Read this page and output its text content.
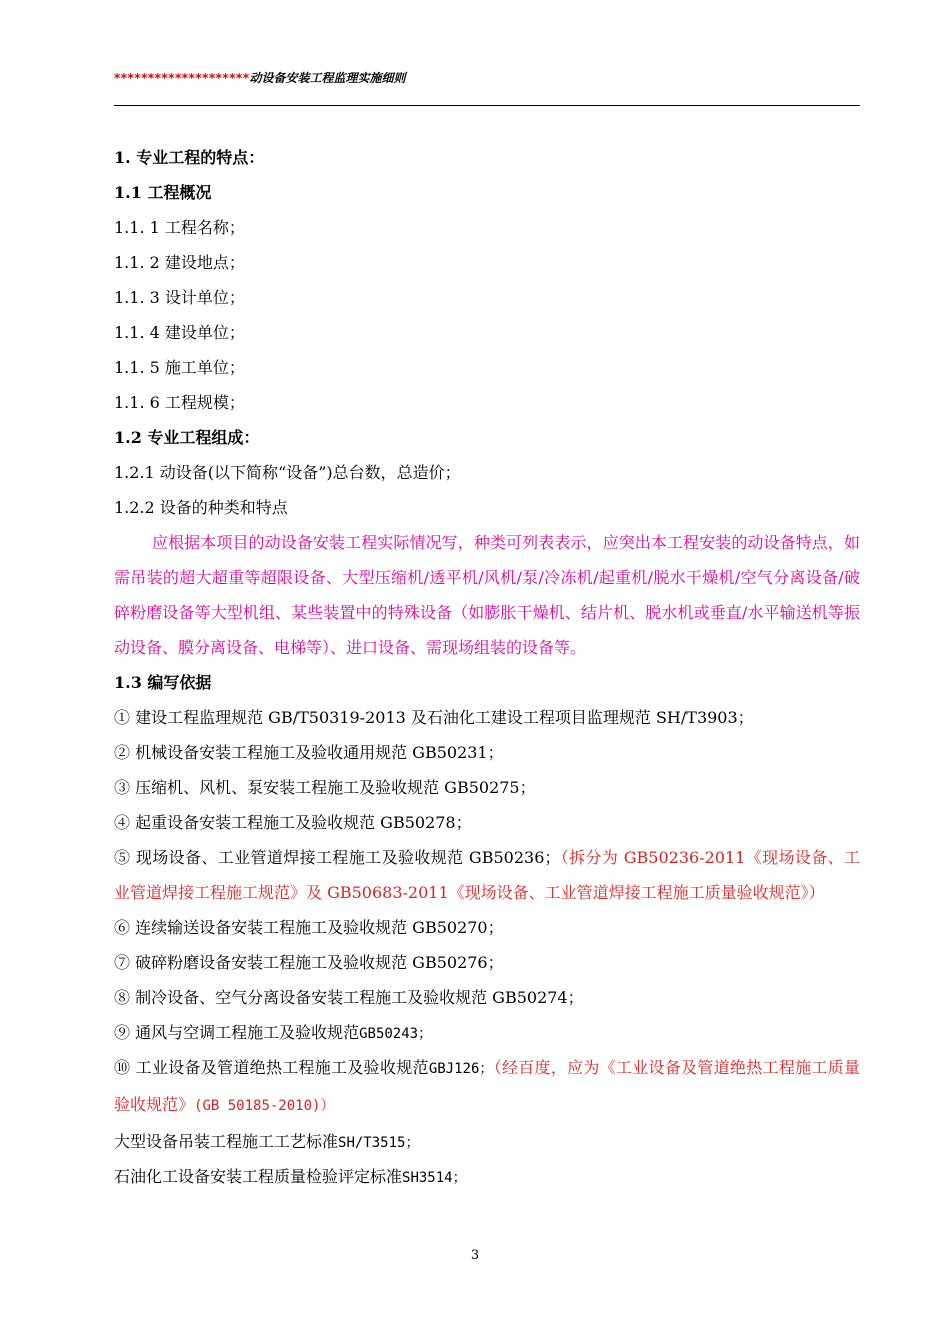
********************动设备安装工程监理实施细则
1. 专业工程的特点：
1.1 工程概况
1.1. 1 工程名称；
1.1. 2 建设地点；
1.1. 3 设计单位；
1.1. 4 建设单位；
1.1. 5 施工单位；
1.1. 6 工程规模；
1.2 专业工程组成：
1.2.1 动设备(以下简称“设备”)总台数，总造价；
1.2.2 设备的种类和特点
应根据本项目的动设备安装工程实际情况写，种类可列表表示，应突出本工程安装的动设备特点，如需吊装的超大超重等超限设备、大型压缩机/透平机/风机/泵/冷冻机/起重机/脱水干燥机/空气分离设备/破碎粉磨设备等大型机组、某些装置中的特殊设备（如膨胀干燥机、结片机、脱水机或垂直/水平输送机等振动设备、膜分离设备、电梯等）、进口设备、需现场组装的设备等。
1.3 编写依据
① 建设工程监理规范 GB/T50319-2013 及石油化工建设工程项目监理规范 SH/T3903；
② 机械设备安装工程施工及验收通用规范 GB50231；
③ 压缩机、风机、泵安装工程施工及验收规范 GB50275；
④ 起重设备安装工程施工及验收规范 GB50278；
⑤ 现场设备、工业管道焊接工程施工及验收规范 GB50236；（拆分为 GB50236-2011《现场设备、工业管道焊接工程施工规范》及 GB50683-2011《现场设备、工业管道焊接工程施工质量验收规范》）
⑥ 连续输送设备安装工程施工及验收规范 GB50270；
⑦ 破碎粉磨设备安装工程施工及验收规范 GB50276；
⑧ 制冷设备、空气分离设备安装工程施工及验收规范 GB50274；
⑨ 通风与空调工程施工及验收规范GB50243；
⑩ 工业设备及管道绝热工程施工及验收规范GBJ126；（经百度，应为《工业设备及管道绝热工程施工质量验收规范》(GB 50185-2010)）
大型设备吊装工程施工工艺标准SH/T3515；
石油化工设备安装工程质量检验评定标准SH3514；
3
